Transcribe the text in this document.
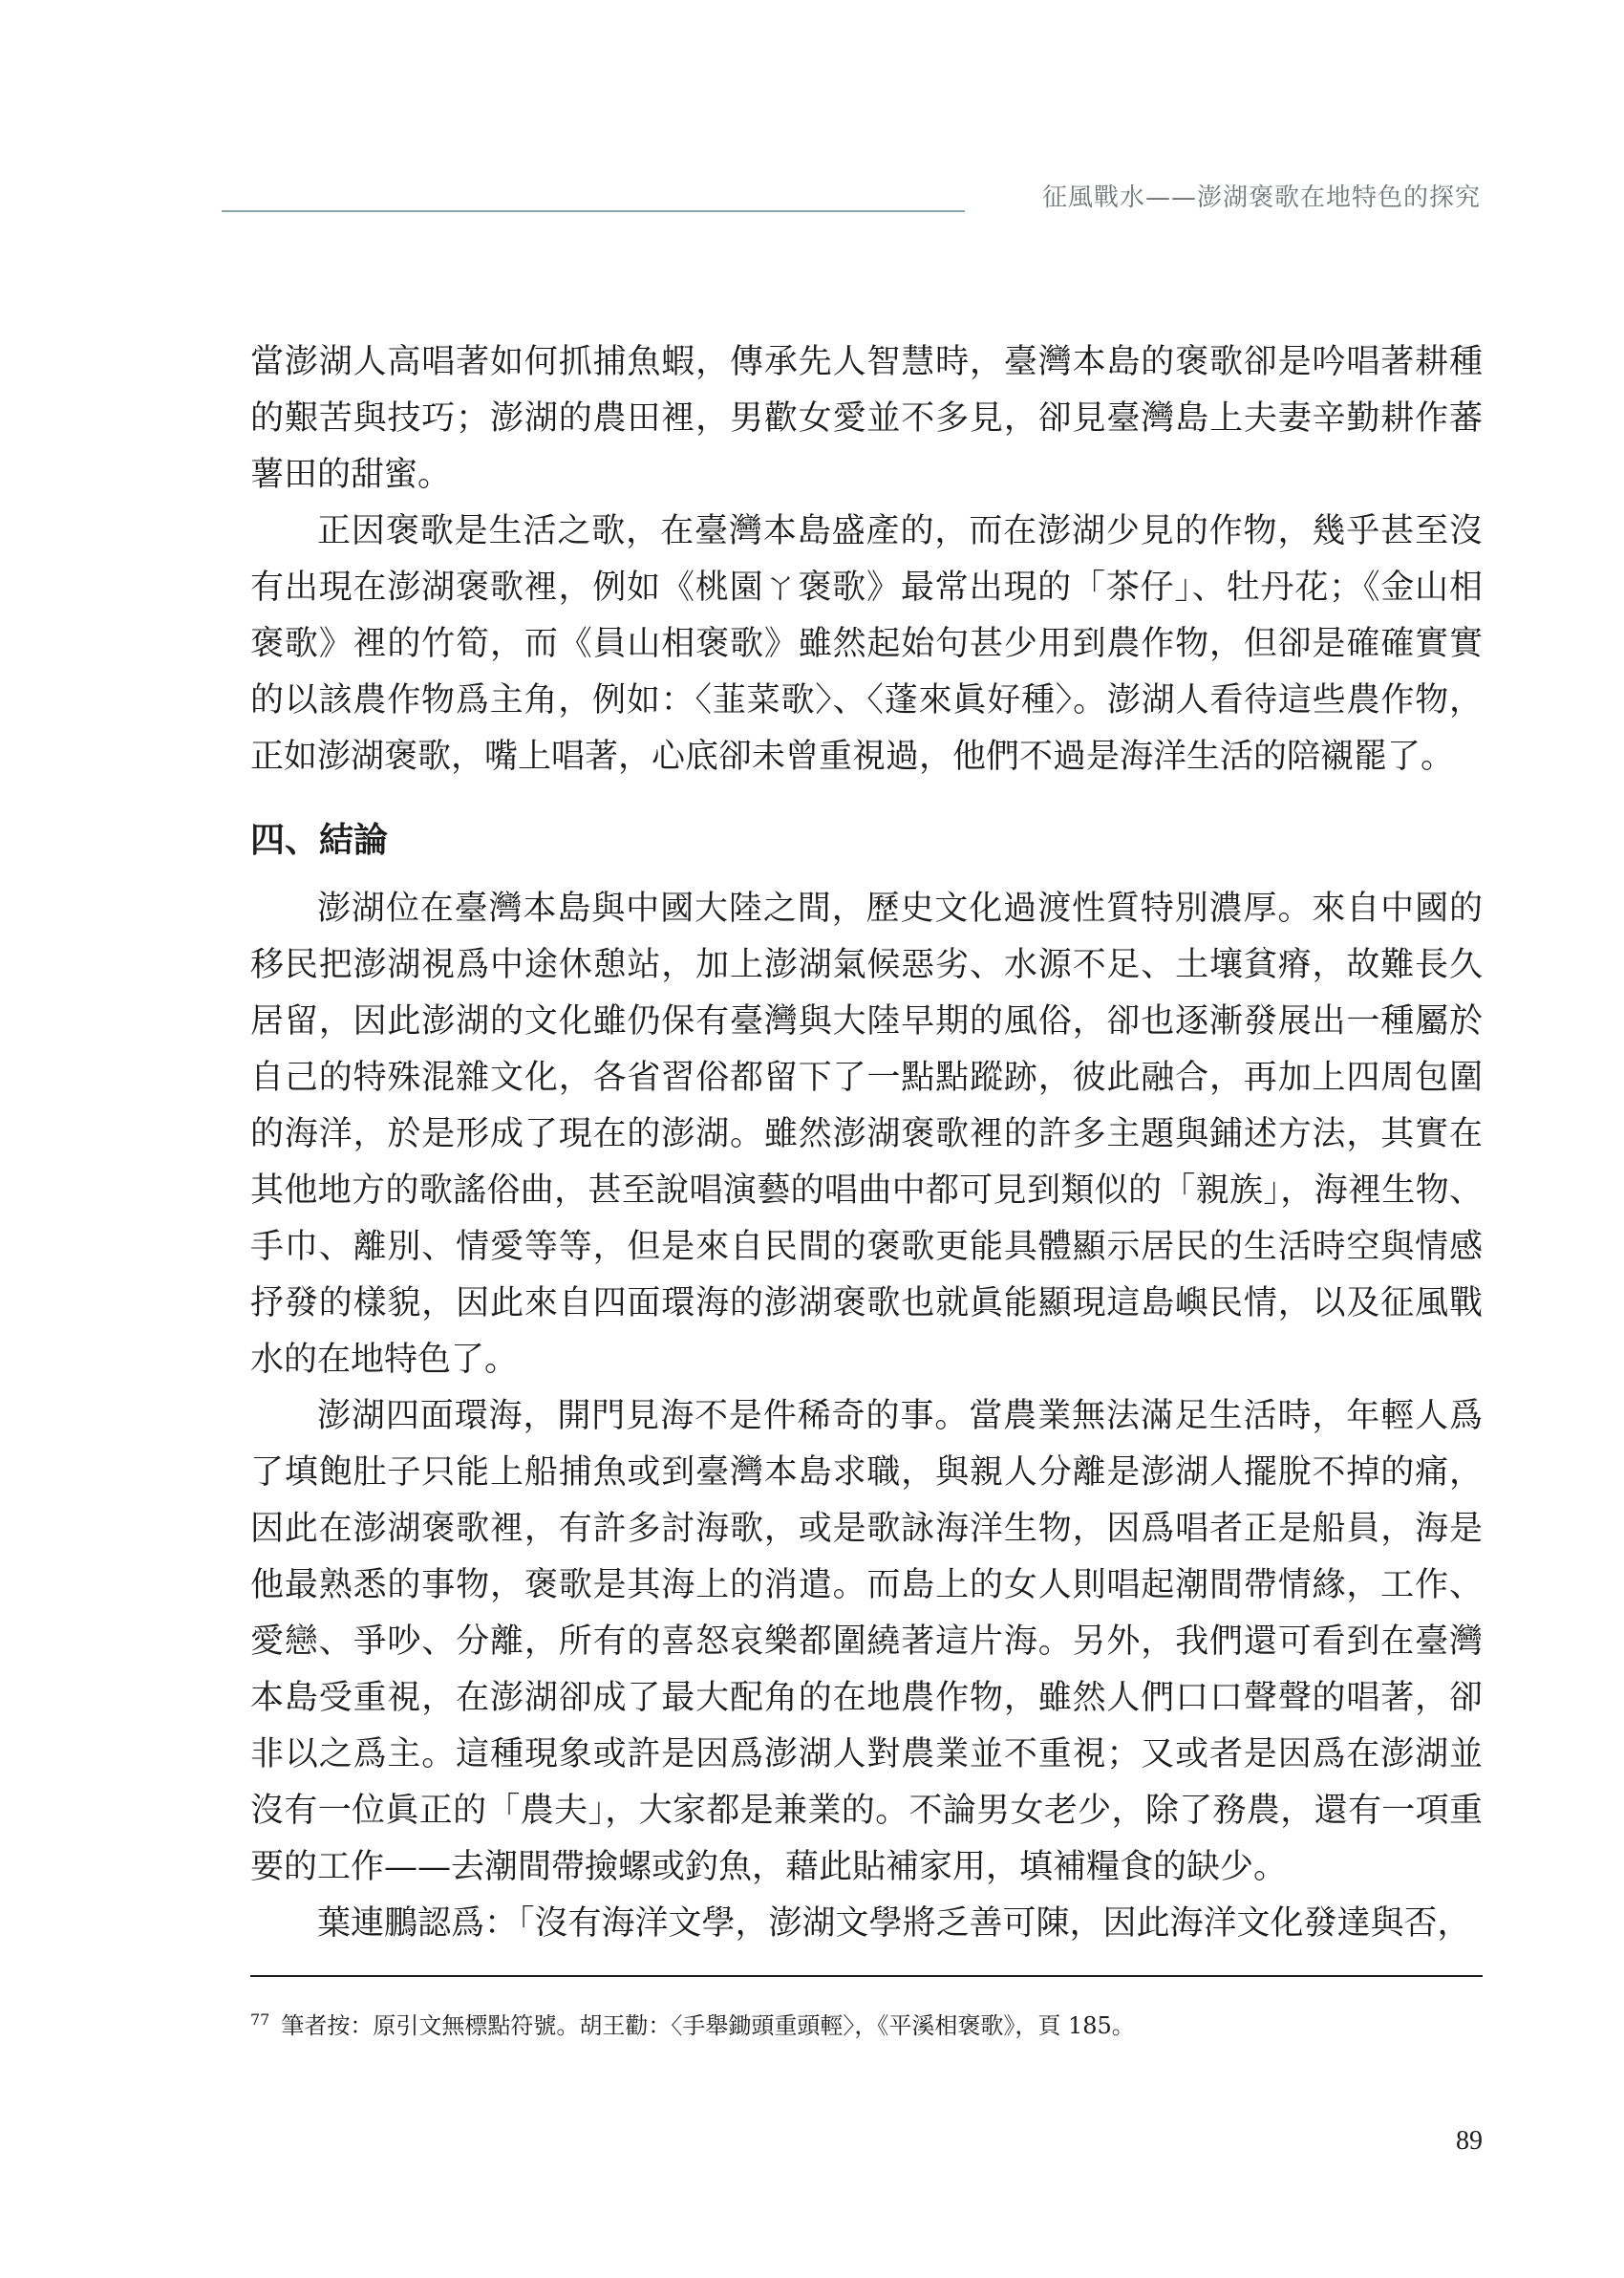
征風戰水——澎湖褒歌在地特色的探究

當澎湖人高唱著如何抓捕魚蝦，傳承先人智慧時，臺灣本島的褒歌卻是吟唱著耕種的艱苦與技巧；澎湖的農田裡，男歡女愛並不多見，卻見臺灣島上夫妻辛勤耕作蕃薯田的甜蜜。

正因褒歌是生活之歌，在臺灣本島盛產的，而在澎湖少見的作物，幾乎甚至沒有出現在澎湖褒歌裡，例如《桃園ㄚ褒歌》最常出現的「茶仔」、牡丹花；《金山相褒歌》裡的竹筍，而《員山相褒歌》雖然起始句甚少用到農作物，但卻是確確實實的以該農作物爲主角，例如：〈韮菜歌〉、〈蓬來眞好種〉。澎湖人看待這些農作物，正如澎湖褒歌，嘴上唱著，心底卻未曾重視過，他們不過是海洋生活的陪襯罷了。

四、結論

澎湖位在臺灣本島與中國大陸之間，歷史文化過渡性質特別濃厚。來自中國的移民把澎湖視爲中途休憩站，加上澎湖氣候惡劣、水源不足、土壤貧瘠，故難長久居留，因此澎湖的文化雖仍保有臺灣與大陸早期的風俗，卻也逐漸發展出一種屬於自己的特殊混雜文化，各省習俗都留下了一點點蹤跡，彼此融合，再加上四周包圍的海洋，於是形成了現在的澎湖。雖然澎湖褒歌裡的許多主題與鋪述方法，其實在其他地方的歌謠俗曲，甚至說唱演藝的唱曲中都可見到類似的「親族」，海裡生物、手巾、離別、情愛等等，但是來自民間的褒歌更能具體顯示居民的生活時空與情感抒發的樣貌，因此來自四面環海的澎湖褒歌也就眞能顯現這島嶼民情，以及征風戰水的在地特色了。

澎湖四面環海，開門見海不是件稀奇的事。當農業無法滿足生活時，年輕人爲了填飽肚子只能上船捕魚或到臺灣本島求職，與親人分離是澎湖人擺脫不掉的痛，因此在澎湖褒歌裡，有許多討海歌，或是歌詠海洋生物，因爲唱者正是船員，海是他最熟悉的事物，褒歌是其海上的消遣。而島上的女人則唱起潮間帶情緣，工作、愛戀、爭吵、分離，所有的喜怒哀樂都圍繞著這片海。另外，我們還可看到在臺灣本島受重視，在澎湖卻成了最大配角的在地農作物，雖然人們口口聲聲的唱著，卻非以之爲主。這種現象或許是因爲澎湖人對農業並不重視；又或者是因爲在澎湖並沒有一位眞正的「農夫」，大家都是兼業的。不論男女老少，除了務農，還有一項重要的工作——去潮間帶撿螺或釣魚，藉此貼補家用，填補糧食的缺少。

葉連鵬認爲：「沒有海洋文學，澎湖文學將乏善可陳，因此海洋文化發達與否，

$^{77}$ 筆者按：原引文無標點符號。胡王勸：〈手舉鋤頭重頭輕〉，《平溪相褒歌》，頁 185。
89
